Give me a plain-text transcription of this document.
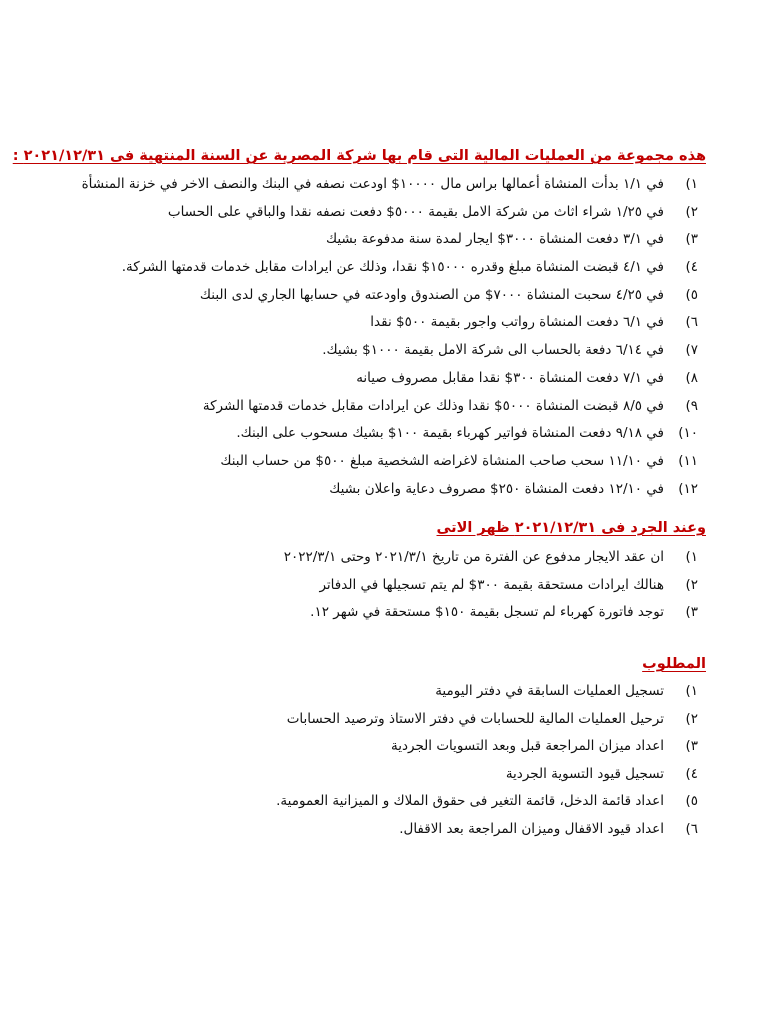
هذه مجموعة من العمليات المالية التى قام بها شركة المصرية عن السنة المنتهية فى ٢٠٢١/١٢/٣١ :
١)
في ١/١ بدأت المنشاة أعمالها براس مال ١٠٠٠٠$ اودعت نصفه في البنك والنصف الاخر في خزنة المنشأة
٢)
في ١/٢٥ شراء اثاث من شركة الامل بقيمة ٥٠٠٠$ دفعت نصفه نقدا والباقي على الحساب
٣)
في ٣/١ دفعت المنشاة ٣٠٠٠$ ايجار لمدة سنة مدفوعة بشيك
٤)
في ٤/١ قبضت المنشاة مبلغ وقدره ١٥٠٠٠$ نقدا، وذلك عن ايرادات مقابل خدمات قدمتها الشركة.
٥)
في ٤/٢٥ سحبت المنشاة ٧٠٠٠$ من الصندوق واودعته في حسابها الجاري لدى البنك
٦)
في ٦/١ دفعت المنشاة رواتب واجور بقيمة ٥٠٠$ نقدا
٧)
في ٦/١٤ دفعة بالحساب الى شركة الامل بقيمة ١٠٠٠$ بشيك.
٨)
في ٧/١ دفعت المنشاة ٣٠٠$ نقدا مقابل مصروف صيانه
٩)
في ٨/٥ قبضت المنشاة ٥٠٠٠$ نقدا وذلك عن ايرادات مقابل خدمات قدمتها الشركة
١٠)
في ٩/١٨ دفعت المنشاة فواتير كهرباء بقيمة ١٠٠$ بشيك مسحوب على البنك.
١١)
في ١١/١٠ سحب صاحب المنشاة لاغراضه الشخصية مبلغ ٥٠٠$ من حساب البنك
١٢)
في ١٢/١٠ دفعت المنشاة ٢٥٠$ مصروف دعاية واعلان بشيك
وعند الجرد فى ٢٠٢١/١٢/٣١ ظهر الاتى
١)
ان عقد الايجار مدفوع عن الفترة من تاريخ ٢٠٢١/٣/١ وحتى ٢٠٢٢/٣/١
٢)
هنالك ايرادات مستحقة بقيمة ٣٠٠$ لم يتم تسجيلها في الدفاتر
٣)
توجد فاتورة كهرباء لم تسجل بقيمة ١٥٠$ مستحقة في شهر ١٢.
المطلوب
١)
تسجيل العمليات السابقة في دفتر اليومية
٢)
ترحيل العمليات المالية للحسابات في دفتر الاستاذ وترصيد الحسابات
٣)
اعداد ميزان المراجعة قبل وبعد التسويات الجردية
٤)
تسجيل قيود التسوية الجردية
٥)
اعداد قائمة الدخل، قائمة التغير فى حقوق الملاك و الميزانية العمومية.
٦)
اعداد قيود الاقفال وميزان المراجعة بعد الاقفال.
